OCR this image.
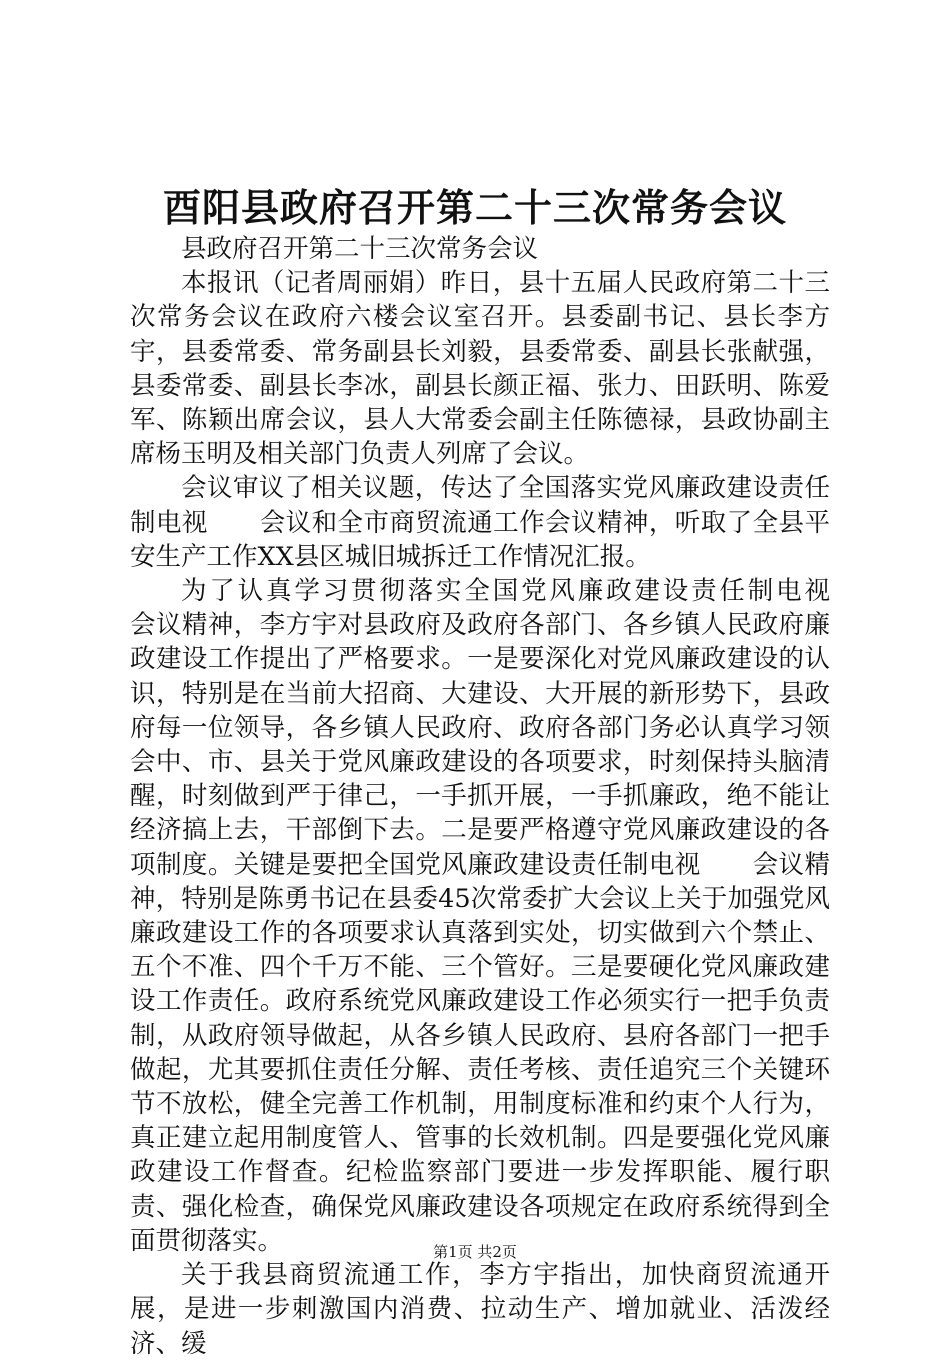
酉阳县政府召开第二十三次常务会议

县政府召开第二十三次常务会议

本报讯（记者周丽娟）昨日，县十五届人民政府第二十三次常务会议在政府六楼会议室召开。县委副书记、县长李方宇，县委常委、常务副县长刘毅，县委常委、副县长张献强，县委常委、副县长李冰，副县长颜正福、张力、田跃明、陈爱军、陈颖出席会议，县人大常委会副主任陈德禄，县政协副主席杨玉明及相关部门负责人列席了会议。

会议审议了相关议题，传达了全国落实党风廉政建设责任制电视　　会议和全市商贸流通工作会议精神，听取了全县平安生产工作XX县区城旧城拆迁工作情况汇报。

为了认真学习贯彻落实全国党风廉政建设责任制电视　　会议精神，李方宇对县政府及政府各部门、各乡镇人民政府廉政建设工作提出了严格要求。一是要深化对党风廉政建设的认识，特别是在当前大招商、大建设、大开展的新形势下，县政府每一位领导，各乡镇人民政府、政府各部门务必认真学习领会中、市、县关于党风廉政建设的各项要求，时刻保持头脑清醒，时刻做到严于律己，一手抓开展，一手抓廉政，绝不能让经济搞上去，干部倒下去。二是要严格遵守党风廉政建设的各项制度。关键是要把全国党风廉政建设责任制电视　　会议精神，特别是陈勇书记在县委45次常委扩大会议上关于加强党风廉政建设工作的各项要求认真落到实处，切实做到六个禁止、五个不准、四个千万不能、三个管好。三是要硬化党风廉政建设工作责任。政府系统党风廉政建设工作必须实行一把手负责制，从政府领导做起，从各乡镇人民政府、县府各部门一把手做起，尤其要抓住责任分解、责任考核、责任追究三个关键环节不放松，健全完善工作机制，用制度标准和约束个人行为，真正建立起用制度管人、管事的长效机制。四是要强化党风廉政建设工作督查。纪检监察部门要进一步发挥职能、履行职责、强化检查，确保党风廉政建设各项规定在政府系统得到全面贯彻落实。

关于我县商贸流通工作，李方宇指出，加快商贸流通开展，是进一步刺激国内消费、拉动生产、增加就业、活泼经济、缓

第1页 共2页
